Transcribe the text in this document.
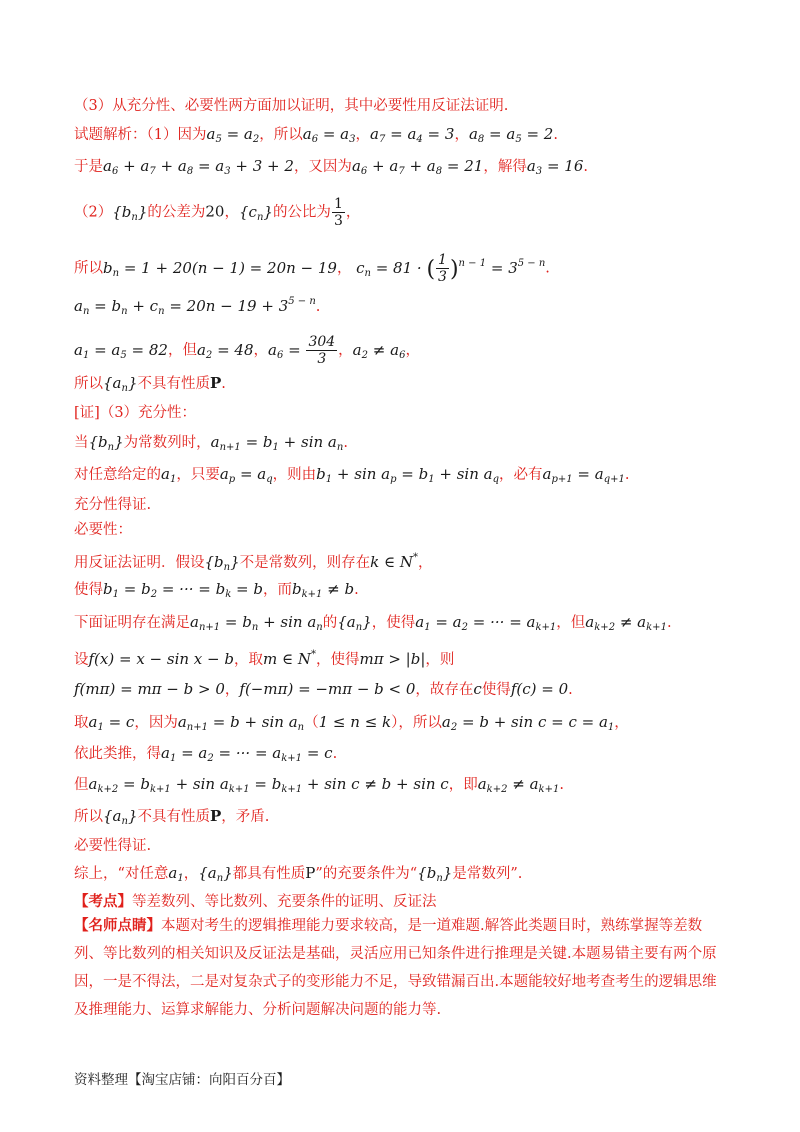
（3）从充分性、必要性两方面加以证明，其中必要性用反证法证明.
试题解析：（1）因为$a_5 = a_2$，所以$a_6 = a_3$，$a_7 = a_4 = 3$，$a_8 = a_5 = 2$.
于是$a_6 + a_7 + a_8 = a_3 + 3 + 2$，又因为$a_6 + a_7 + a_8 = 21$，解得$a_3 = 16$.
$(2)\{b_n\}$的公差为20，$\{c_n\}$的公比为 $\frac{1}{3}$ ，
所以$b_n = 1 + 20(n - 1) = 20n - 19$， $c_n = 81$ · ( $\frac{1}{3} )^{n - 1} = 3^{5 - n}$.
$a_n = b_n + c_n = 20n - 19 + 3^{5 - n}$.
$a_1 = a_5 = 82$，但$a_2 = 48$，$a_6 = \frac{304}{3}$ ，$a_2 \ne a_6$，
所以$\{a_n\}$不具有性质P.
[证]（3）充分性：
当$\{b_n\}$为常数列时，$a_{n+1} = b_1 + \sin a_n$.
对任意给定的$a_1$，只要$a_p = a_q$，则由$b_1 + \sin a_p = b_1 + \sin a_q$，必有$a_{p+1} = a_{q+1}$.
充分性得证.
必要性：
用反证法证明．假设$\{b_n\}$不是常数列，则存在k ∈ N*，
使得$b_1 = b_2$ = ··· = $b_k = b$，而$b_{k+1} \ne b$.
下面证明存在满足$a_{n+1} = b_n + \sin a_n$的$\{a_n\}$，使得$a_1 = a_2$ = ··· = $a_{k+1}$，但$a_{k+2} \ne a_{k+1}$.
设f(x) = x − sin x − b，取m ∈ N*，使得mπ > |b|，则
f(mπ) = mπ − b > 0，f(−mπ) = −mπ − b < 0，故存在c使得f(c) = 0.
取$a_1 = c$，因为$a_{n+1} = b + \sin a_n(1 \le n \le k)$，所以$a_2 = b + \sin c = c = a_1$，
依此类推，得$a_1 = a_2$ = ··· = $a_{k+1} = c$.
但$a_{k+2} = b_{k+1} + \sin a_{k+1} = b_{k+1} + \sin c \ne b + \sin c$，即$a_{k+2} \ne a_{k+1}$.
所以$\{a_n\}$不具有性质P，矛盾.
必要性得证.
综上，“对任意$a_1$，$\{a_n\}$都具有性质P”的充要条件为“$\{b_n\}$是常数列”.
【考点】等差数列、等比数列、充要条件的证明、反证法
【名师点睛】本题对考生的逻辑推理能力要求较高，是一道难题.解答此类题目时，熟练掌握等差数列、等比数列的相关知识及反证法是基础，灵活应用已知条件进行推理是关键.本题易错主要有两个原因，一是不得法，二是对复杂式子的变形能力不足，导致错漏百出.本题能较好地考查考生的逻辑思维及推理能力、运算求解能力、分析问题解决问题的能力等.
资料整理【淘宝店铺：向阳百分百】
